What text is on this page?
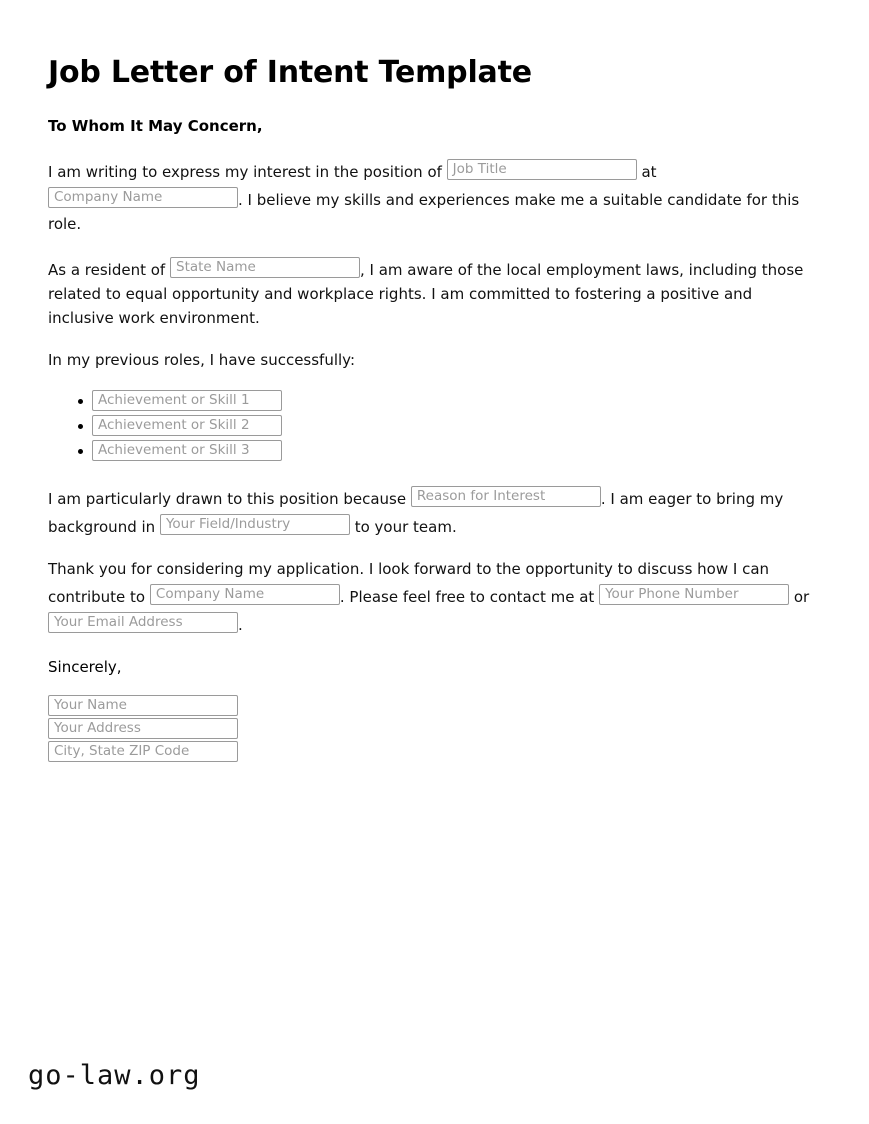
Job Letter of Intent Template
To Whom It May Concern,

I am writing to express my interest in the position of Job Title	at Company Name	. I believe my skills and experiences make me a suitable candidate for this role.

As a resident of State Name	, I am aware of the local employment laws, including those related to equal opportunity and workplace rights. I am committed to fostering a positive and inclusive work environment.

In my previous roles, I have successfully:

Achievement or Skill 1
Achievement or Skill 2
Achievement or Skill 3

I am particularly drawn to this position because Reason for Interest	. I am eager to bring my background in Your Field/Industry	to your team.

Thank you for considering my application. I look forward to the opportunity to discuss how I can contribute to Company Name	. Please feel free to contact me at Your Phone Number	or Your Email Address	.

Sincerely,
Your Name
Your Address
City, State ZIP Code
go-law.org
